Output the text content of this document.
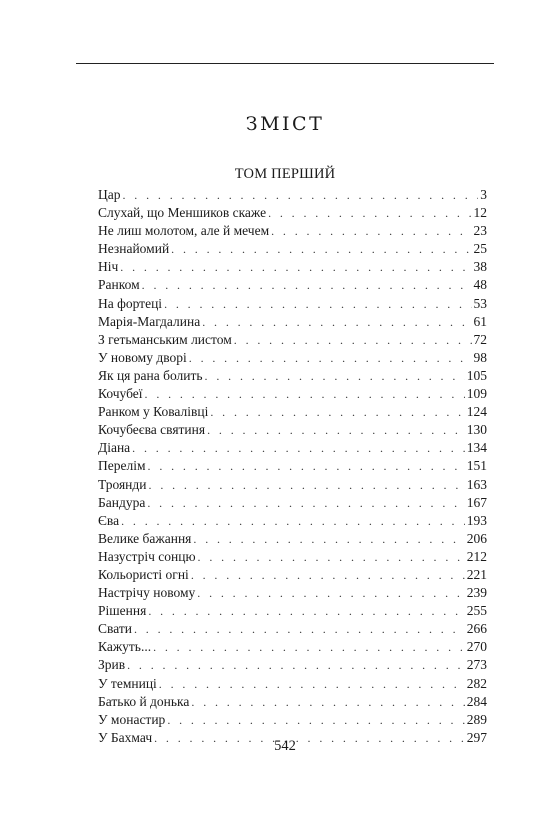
ЗМІСТ
ТОМ ПЕРШИЙ
Цар . . .	3
Слухай, що Меншиков скаже . . .	12
Не лиш молотом, але й мечем . . .	23
Незнайомий . . .	25
Ніч . . .	38
Ранком . . .	48
На фортеці . . .	53
Марія-Магдалина . . .	61
З гетьманським листом . . .	72
У новому дворі . . .	98
Як ця рана болить . . .	105
Кочубеї . . .	109
Ранком у Ковалівці . . .	124
Кочубеєва святиня . . .	130
Діана . . .	134
Перелім . . .	151
Троянди . . .	163
Бандура . . .	167
Єва . . .	193
Велике бажання . . .	206
Назустріч сонцю . . .	212
Кольористі огні . . .	221
Настрічу новому . . .	239
Рішення . . .	255
Свати . . .	266
Кажуть... . . .	270
Зрив . . .	273
У темниці . . .	282
Батько й донька . . .	284
У монастир . . .	289
У Бахмач . . .	297
542
